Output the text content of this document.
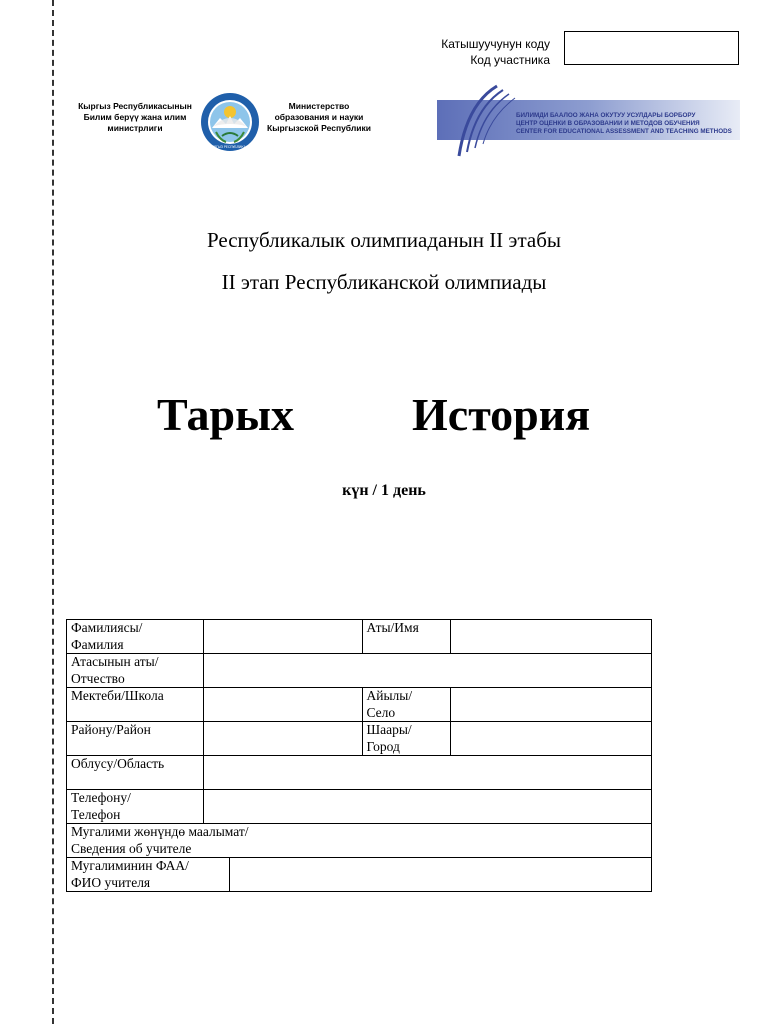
Катышуучунун коду
Код участника
Кыргыз Республикасынын
Билим берүү жана илим
министрлиги
КЫРГЫЗ РЕСПУБЛИКАСЫ
Министерство
образования и науки
Кыргызской Республики
БИЛИМДИ БААЛОО ЖАНА ОКУТУУ УСУЛДАРЫ БОРБОРУ
ЦЕНТР ОЦЕНКИ В ОБРАЗОВАНИИ И МЕТОДОВ ОБУЧЕНИЯ
CENTER FOR EDUCATIONAL ASSESSMENT AND TEACHING METHODS
Республикалык олимпиаданын II этабы
II этап Республиканской олимпиады
Тарых	История
күн / 1 день
Фамилиясы/
Фамилия			Аты/Имя	

Атасынын аты/
Отчество				

Мектеби/Школа			Айылы/
Село	

Району/Район			Шаары/
Город	

Облусу/Область				

Телефону/
Телефон				

Мугалими жөнүндө маалымат/
Сведения об учителе				

Мугалиминин ФАА/
ФИО учителя				
